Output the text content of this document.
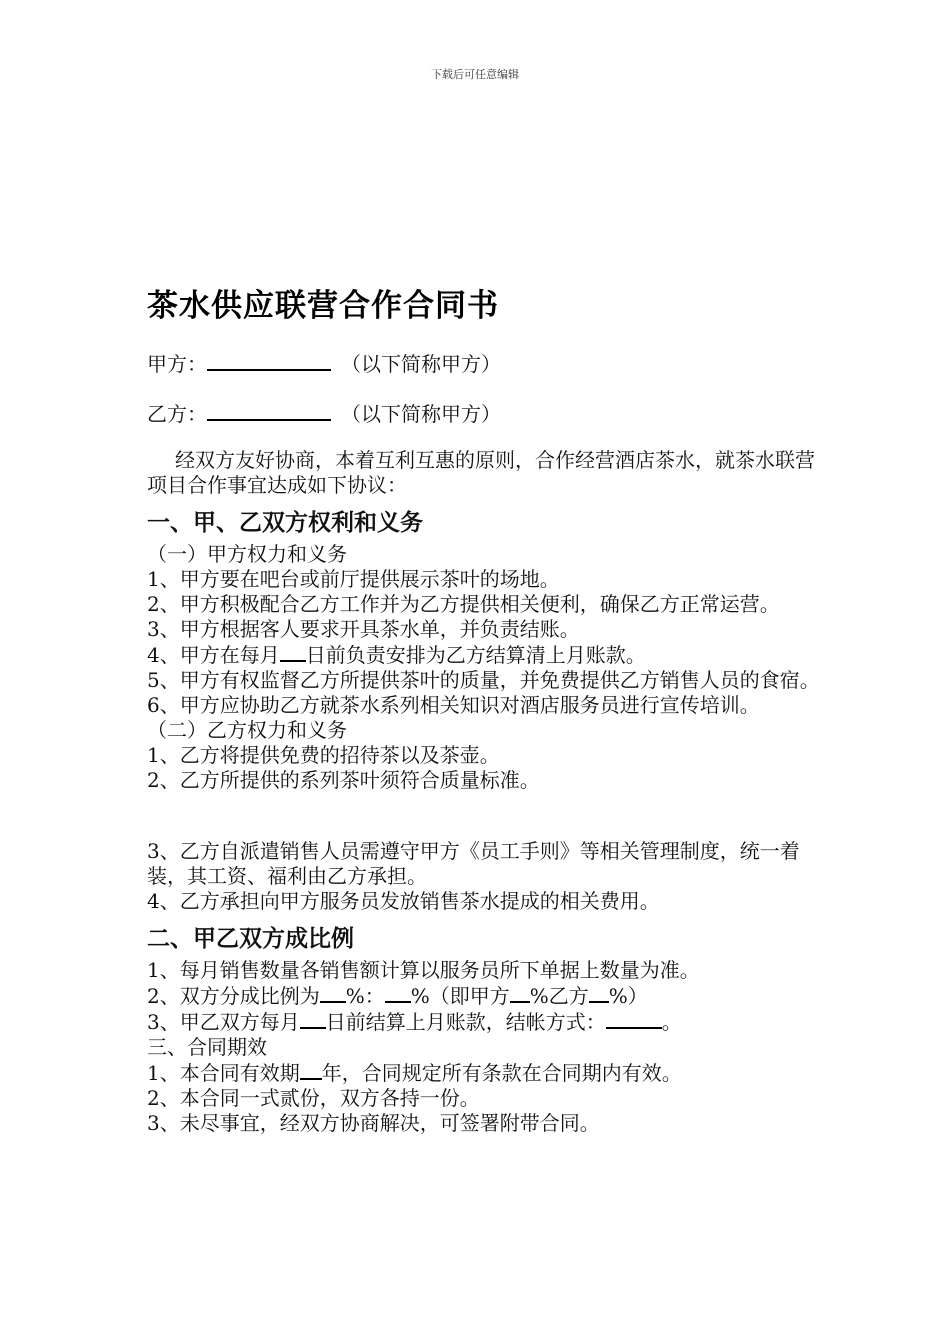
下载后可任意编辑
茶水供应联营合作合同书
甲方：	（以下简称甲方）
乙方：	（以下简称甲方）

经双方友好协商，本着互利互惠的原则，合作经营酒店茶水，就茶水联营项目合作事宜达成如下协议：

一、甲、乙双方权利和义务

（一）甲方权力和义务

1、甲方要在吧台或前厅提供展示茶叶的场地。

2、甲方积极配合乙方工作并为乙方提供相关便利，确保乙方正常运营。

3、甲方根据客人要求开具茶水单，并负责结账。

4、甲方在每月 日前负责安排为乙方结算清上月账款。

5、甲方有权监督乙方所提供茶叶的质量，并免费提供乙方销售人员的食宿。

6、甲方应协助乙方就茶水系列相关知识对酒店服务员进行宣传培训。

（二）乙方权力和义务

1、乙方将提供免费的招待茶以及茶壶。

2、乙方所提供的系列茶叶须符合质量标准。

3、乙方自派遣销售人员需遵守甲方《员工手则》等相关管理制度，统一着装，其工资、福利由乙方承担。

4、乙方承担向甲方服务员发放销售茶水提成的相关费用。

二、甲乙双方成比例

1、每月销售数量各销售额计算以服务员所下单据上数量为准。

2、双方分成比例为 %： %（即甲方 %乙方 %）

3、甲乙双方每月 日前结算上月账款，结帐方式：	。

三、合同期效

1、本合同有效期 年，合同规定所有条款在合同期内有效。

2、本合同一式贰份，双方各持一份。

3、未尽事宜，经双方协商解决，可签署附带合同。
